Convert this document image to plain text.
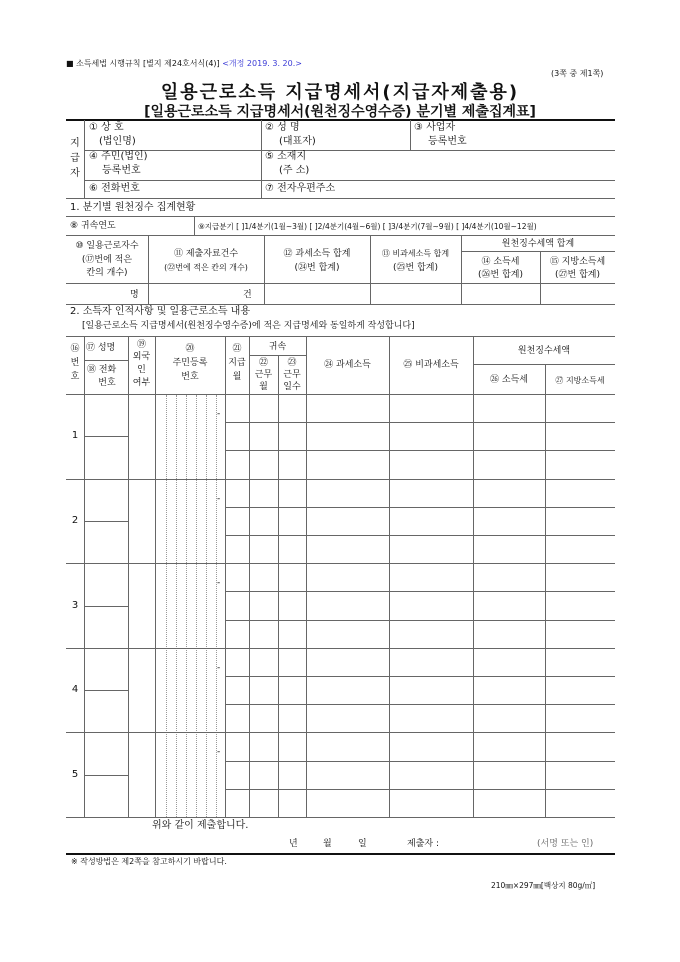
■ 소득세법 시행규칙 [별지 제24호서식(4)] <개정 2019. 3. 20.>
(3쪽 중 제1쪽)
일용근로소득 지급명세서(지급자제출용)
[일용근로소득 지급명세서(원천징수영수증) 분기별 제출집계표]
지
급
자
① 상 호
(법인명)
② 성 명
(대표자)
③ 사업자
등록번호
④ 주민(법인)
등록번호
⑤ 소재지
(주 소)
⑥ 전화번호	⑦ 전자우편주소
1. 분기별 원천징수 집계현황
⑧ 귀속연도	⑨지급분기 [ ]1/4분기(1월~3월) [ ]2/4분기(4월~6월) [ ]3/4분기(7월~9월) [ ]4/4분기(10월~12월)
⑩ 일용근로자수
(⑰번에 적은
칸의 개수)
⑪ 제출자료건수
(㉒번에 적은 칸의 개수)
⑫ 과세소득 합계
(㉔번 합계)
⑬ 비과세소득 합계
(㉕번 합계)
원천징수세액 합계
⑭ 소득세
(㉖번 합계)
⑮ 지방소득세
(㉗번 합계)
명	건
2. 소득자 인적사항 및 일용근로소득 내용
[일용근로소득 지급명세서(원천징수영수증)에 적은 지급명세와 동일하게 작성합니다]
⑯
번
호
⑰ 성명
⑱ 전화
번호
⑲
외국
인
여부
⑳
주민등록
번호
㉑
지급
월
귀속
㉒
근무
월
㉓
근무
일수
㉔ 과세소득	㉕ 비과세소득
원천징수세액
㉖ 소득세	㉗ 지방소득세
1
-
2
-
3
-
4
-
5
-
위와 같이 제출합니다.
년	월	일	제출자 :	(서명 또는 인)
※ 작성방법은 제2쪽을 참고하시기 바랍니다.
210㎜×297㎜[백상지 80g/㎡]
